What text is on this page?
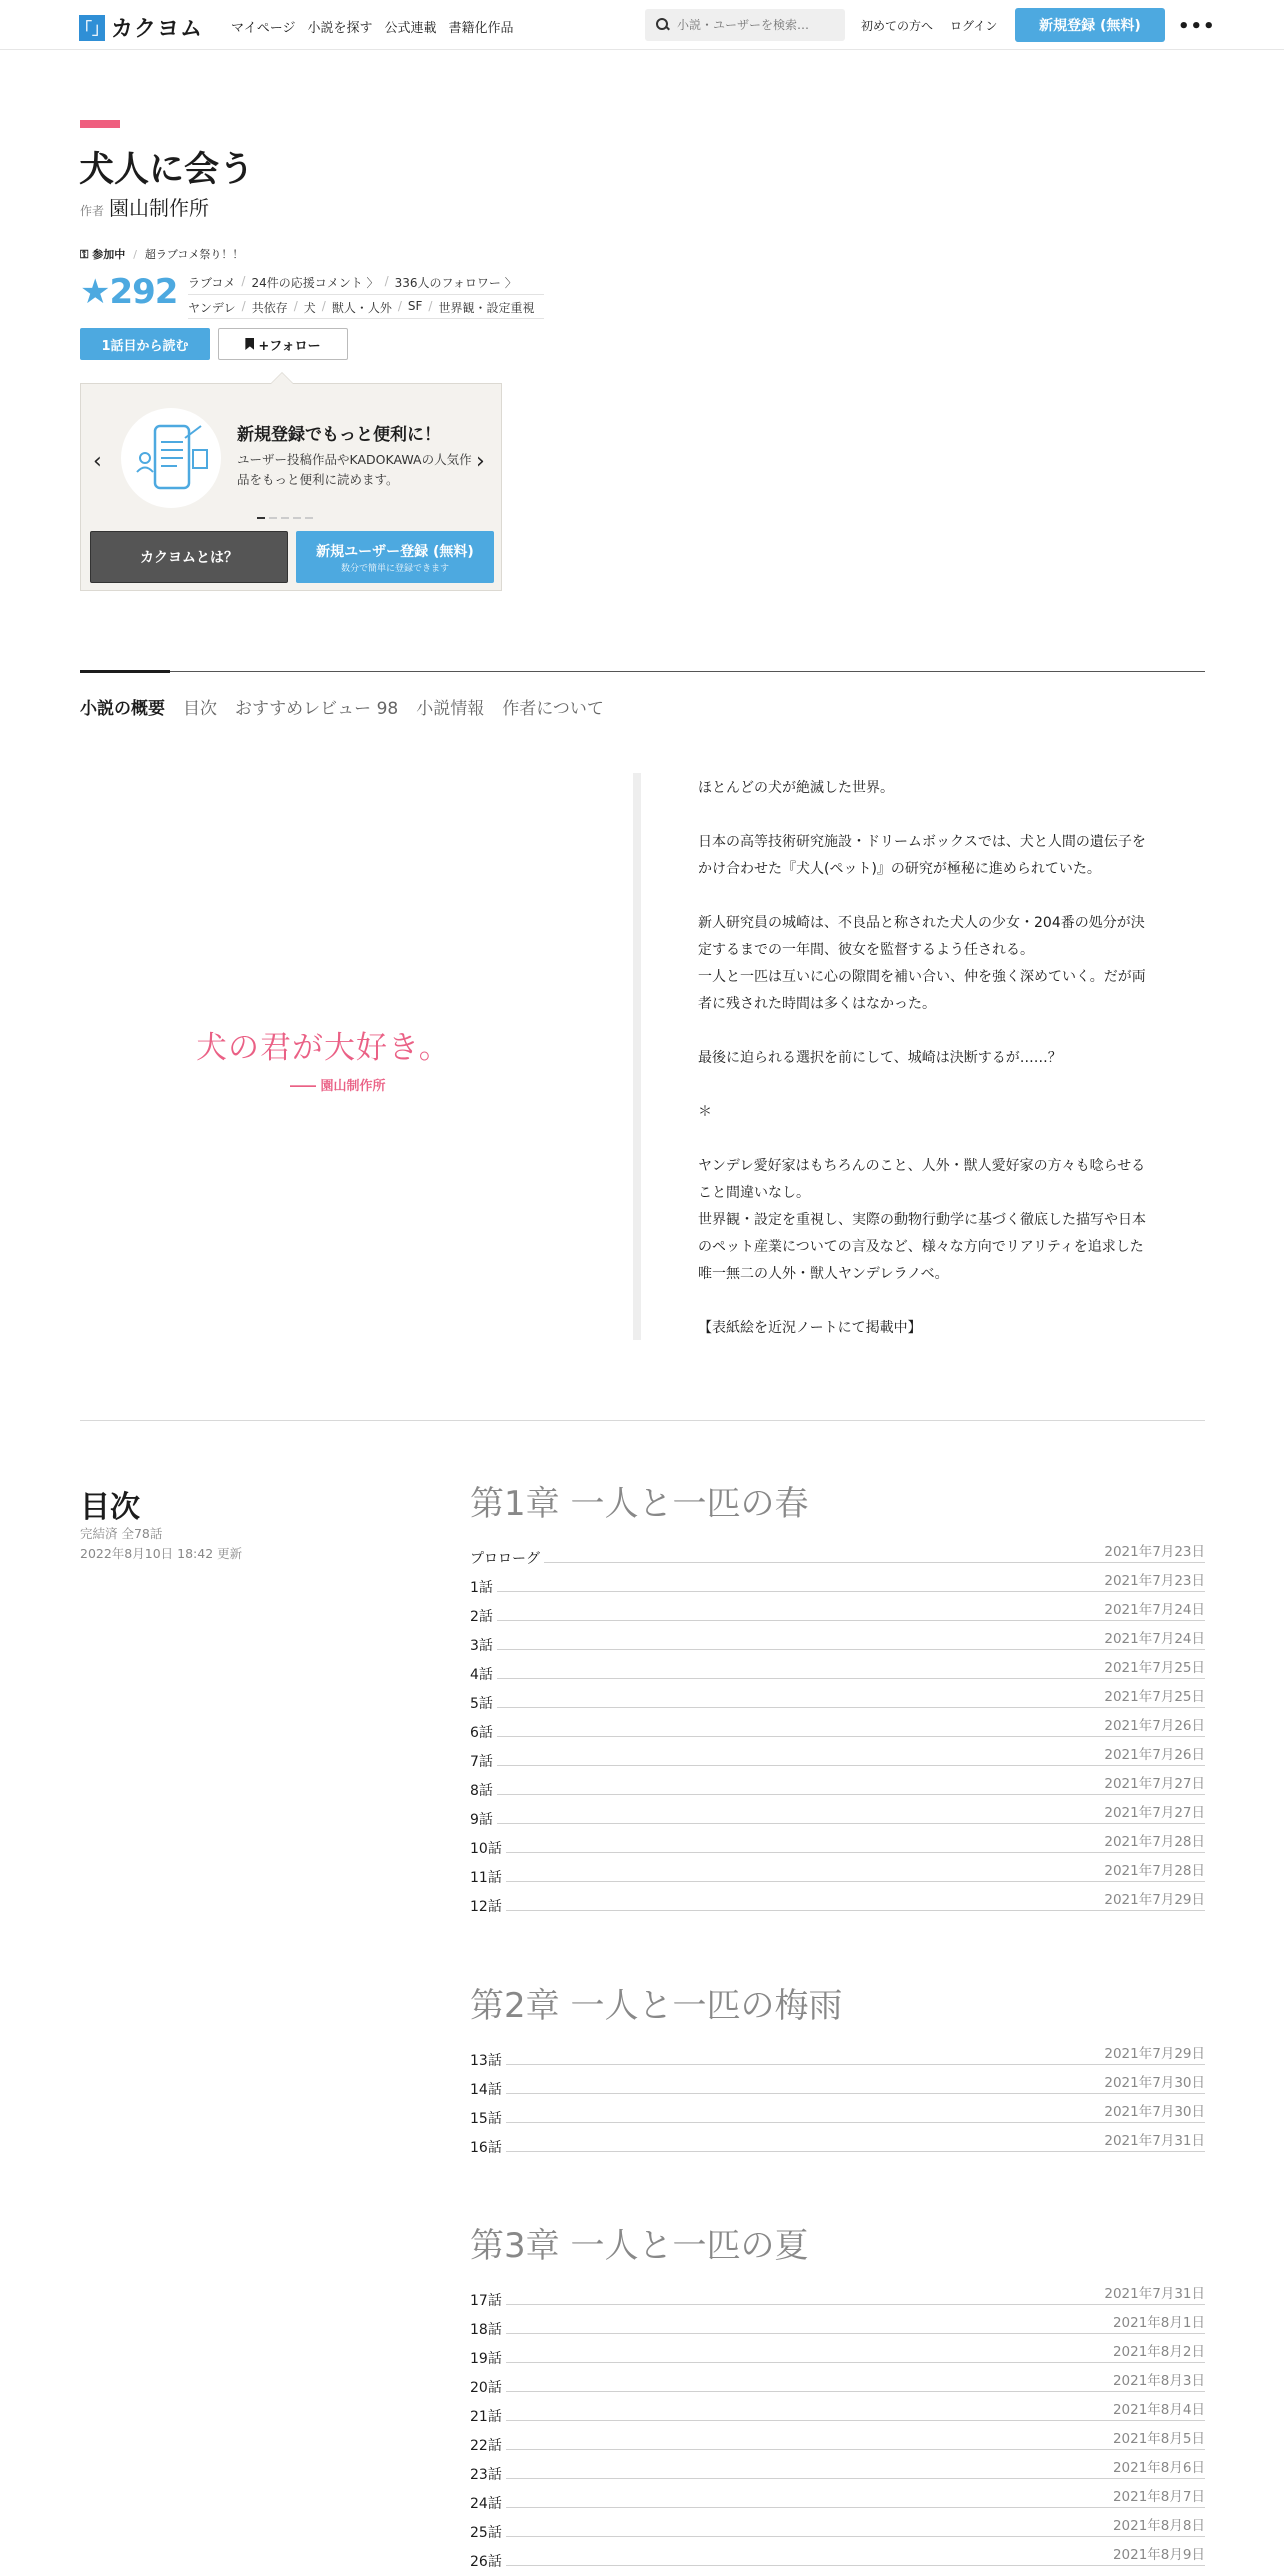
「」 カクヨム マイページ 小説を探す 公式連載 書籍化作品
小説・ユーザーを検索…	初めての方へ ログイン	新規登録 (無料)	•••
犬人に会う
作者 園山制作所
⚿ 参加中 / 超ラブコメ祭り！！
★292 ラブコメ / 24件の応援コメント 〉 / 336人のフォロワー 〉
ヤンデレ / 共依存 / 犬 / 獣人・人外 / SF / 世界観・設定重視
1話目から読む	+フォロー
‹
新規登録でもっと便利に！
ユーザー投稿作品やKADOKAWAの人気作品をもっと便利に読めます。
›
カクヨムとは？	新規ユーザー登録 (無料)
数分で簡単に登録できます
小説の概要 目次 おすすめレビュー 98 小説情報 作者について
犬の君が大好き。
―― 園山制作所
ほとんどの犬が絶滅した世界。

日本の高等技術研究施設・ドリームボックスでは、犬と人間の遺伝子を
かけ合わせた『犬人(ペット)』の研究が極秘に進められていた。

新人研究員の城崎は、不良品と称された犬人の少女・204番の処分が決
定するまでの一年間、彼女を監督するよう任される。
一人と一匹は互いに心の隙間を補い合い、仲を強く深めていく。だが両
者に残された時間は多くはなかった。

最後に迫られる選択を前にして、城崎は決断するが……？

＊

ヤンデレ愛好家はもちろんのこと、人外・獣人愛好家の方々も唸らせる
こと間違いなし。
世界観・設定を重視し、実際の動物行動学に基づく徹底した描写や日本
のペット産業についての言及など、様々な方向でリアリティを追求した
唯一無二の人外・獣人ヤンデレラノベ。

【表紙絵を近況ノートにて掲載中】
目次
完結済 全78話
2022年8月10日 18:42 更新
第1章 一人と一匹の春
プロローグ	2021年7月23日
1話	2021年7月23日
2話	2021年7月24日
3話	2021年7月24日
4話	2021年7月25日
5話	2021年7月25日
6話	2021年7月26日
7話	2021年7月26日
8話	2021年7月27日
9話	2021年7月27日
10話	2021年7月28日
11話	2021年7月28日
12話	2021年7月29日
第2章 一人と一匹の梅雨
13話	2021年7月29日
14話	2021年7月30日
15話	2021年7月30日
16話	2021年7月31日
第3章 一人と一匹の夏
17話	2021年7月31日
18話	2021年8月1日
19話	2021年8月2日
20話	2021年8月3日
21話	2021年8月4日
22話	2021年8月5日
23話	2021年8月6日
24話	2021年8月7日
25話	2021年8月8日
26話	2021年8月9日
